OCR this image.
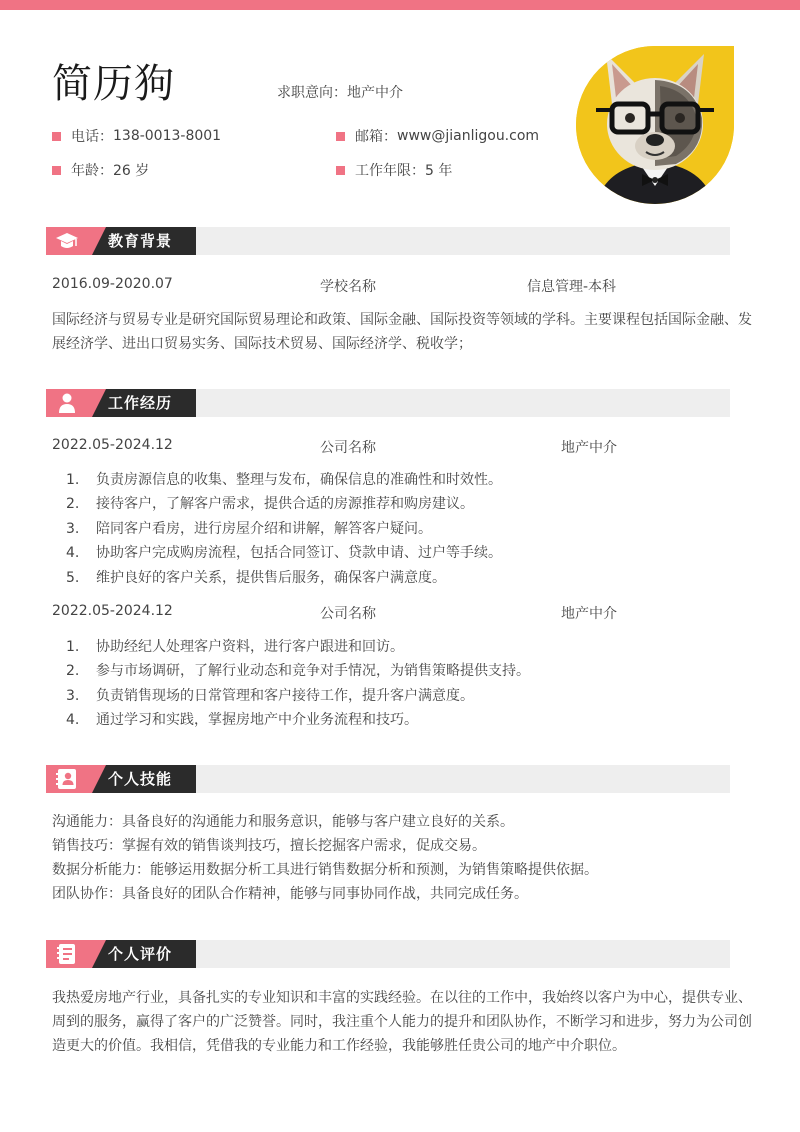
简历狗	求职意向：地产中介
电话： 138-0013-8001	邮箱： www@jianligou.com
年龄： 26 岁	工作年限： 5 年
教育背景
2016.09-2020.07	学校名称	信息管理-本科
国际经济与贸易专业是研究国际贸易理论和政策、国际金融、国际投资等领域的学科。主要课程包括国际金融、发展经济学、进出口贸易实务、国际技术贸易、国际经济学、税收学；
工作经历
2022.05-2024.12	公司名称	地产中介
1.	负责房源信息的收集、整理与发布，确保信息的准确性和时效性。
2.	接待客户，了解客户需求，提供合适的房源推荐和购房建议。
3.	陪同客户看房，进行房屋介绍和讲解，解答客户疑问。
4.	协助客户完成购房流程，包括合同签订、贷款申请、过户等手续。
5.	维护良好的客户关系，提供售后服务，确保客户满意度。
2022.05-2024.12	公司名称	地产中介
1.	协助经纪人处理客户资料，进行客户跟进和回访。
2.	参与市场调研，了解行业动态和竞争对手情况，为销售策略提供支持。
3.	负责销售现场的日常管理和客户接待工作，提升客户满意度。
4.	通过学习和实践，掌握房地产中介业务流程和技巧。
个人技能
沟通能力：具备良好的沟通能力和服务意识，能够与客户建立良好的关系。
销售技巧：掌握有效的销售谈判技巧，擅长挖掘客户需求，促成交易。
数据分析能力：能够运用数据分析工具进行销售数据分析和预测，为销售策略提供依据。
团队协作：具备良好的团队合作精神，能够与同事协同作战，共同完成任务。
个人评价
我热爱房地产行业，具备扎实的专业知识和丰富的实践经验。在以往的工作中，我始终以客户为中心，提供专业、周到的服务，赢得了客户的广泛赞誉。同时，我注重个人能力的提升和团队协作，不断学习和进步，努力为公司创造更大的价值。我相信，凭借我的专业能力和工作经验，我能够胜任贵公司的地产中介职位。
